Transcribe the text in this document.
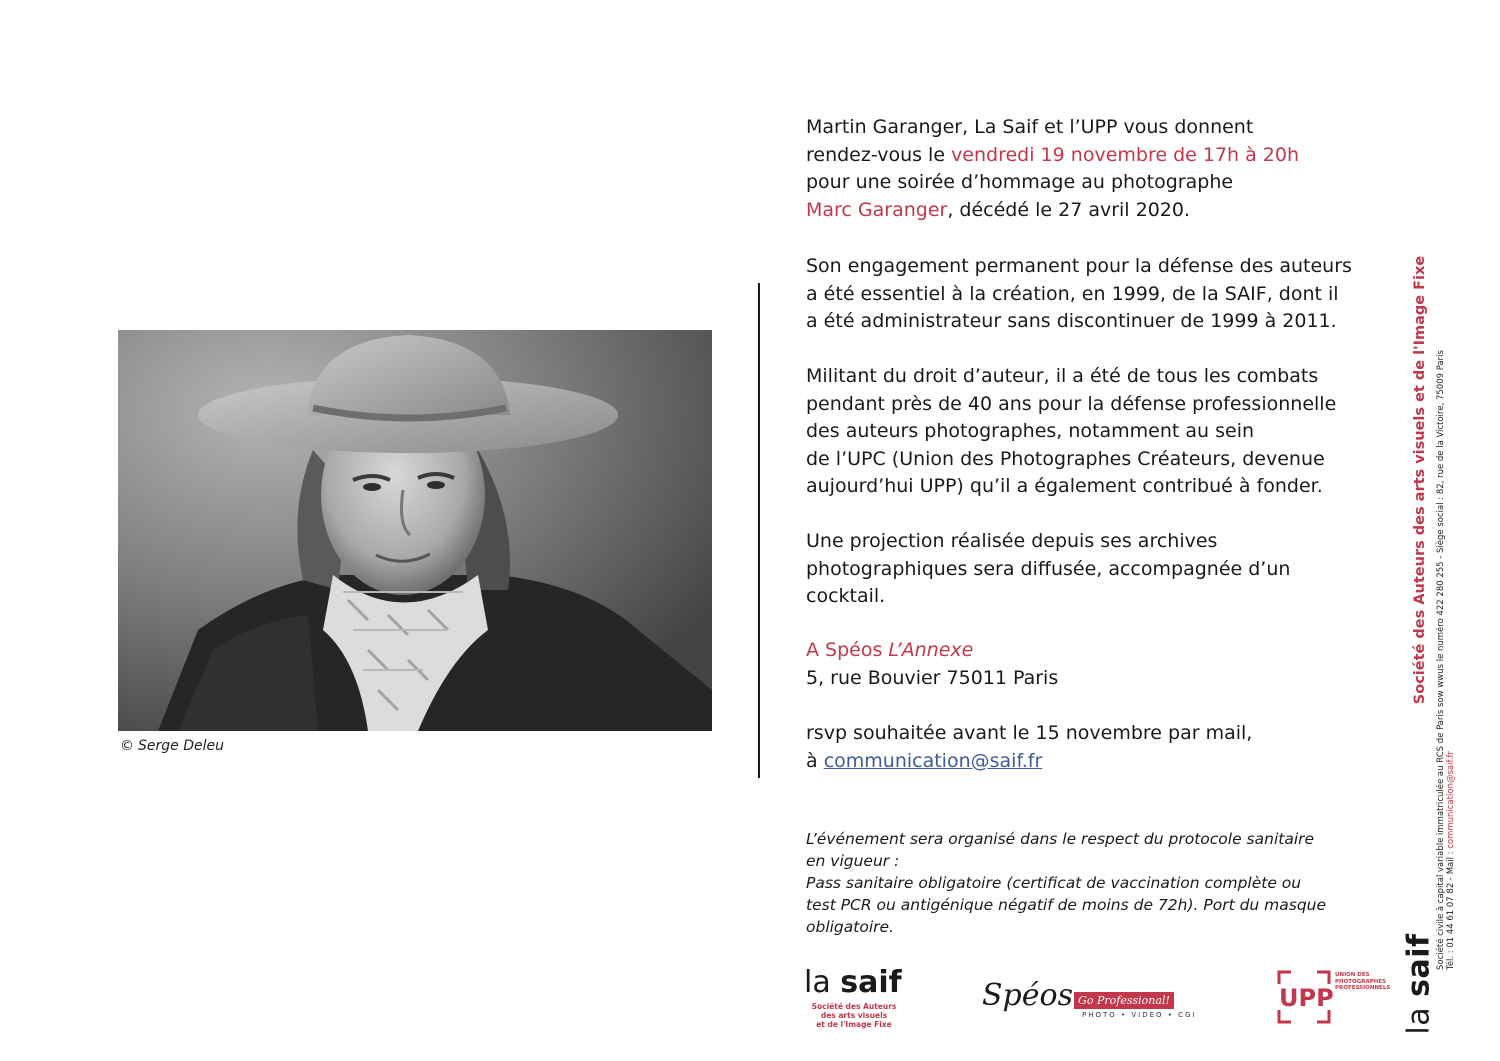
© Serge Deleu
Martin Garanger, La Saif et l’UPP vous donnent
rendez-vous le vendredi 19 novembre de 17h à 20h
pour une soirée d’hommage au photographe
Marc Garanger, décédé le 27 avril 2020.
Son engagement permanent pour la défense des auteurs
a été essentiel à la création, en 1999, de la SAIF, dont il
a été administrateur sans discontinuer de 1999 à 2011.
Militant du droit d’auteur, il a été de tous les combats
pendant près de 40 ans pour la défense professionnelle
des auteurs photographes, notamment au sein
de l’UPC (Union des Photographes Créateurs, devenue
aujourd’hui UPP) qu’il a également contribué à fonder.
Une projection réalisée depuis ses archives
photographiques sera diffusée, accompagnée d’un
cocktail.
A Spéos L’Annexe
5, rue Bouvier 75011 Paris
rsvp souhaitée avant le 15 novembre par mail,
à communication@saif.fr
L’événement sera organisé dans le respect du protocole sanitaire
en vigueur :
Pass sanitaire obligatoire (certificat de vaccination complète ou
test PCR ou antigénique négatif de moins de 72h). Port du masque
obligatoire.
Société des Auteurs des arts visuels et de l'Image Fixe Société civile à capital variable immatriculée au RCS de Paris sow wwus le numéro 422 280 255 - Siège social : 82, rue de la Victoire, 75009 Paris Tél. : 01 44 61 07 82 - Mail : communication@saif.fr
la saif
la saif
Société des Auteurs
des arts visuels
et de l'Image Fixe
Spéos Go Professional!
PHOTO • VIDEO • CGI
UPP
UNION DES
PHOTOGRAPHES
PROFESSIONNELS
